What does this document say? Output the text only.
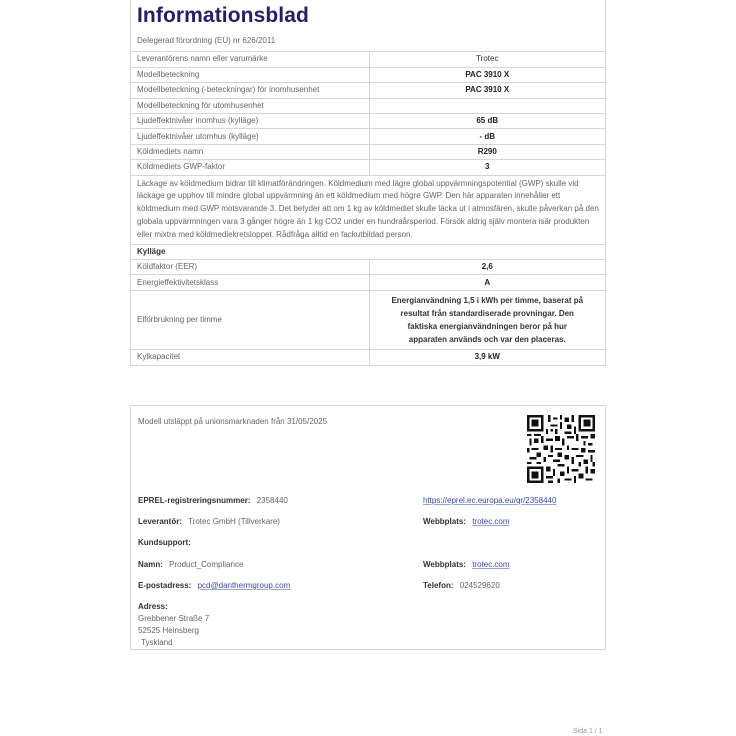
Informationsblad
Delegerad förordning (EU) nr 626/2011
Leverantörens namn eller varumärke	Trotec
Modellbeteckning	PAC 3910 X
Modellbeteckning (-beteckningar) för inomhusenhet	PAC 3910 X
Modellbeteckning för utomhusenhet	
Ljudeffektnivåer inomhus (kylläge)	65 dB
Ljudeffektnivåer utomhus (kylläge)	- dB
Köldmediets namn	R290
Köldmediets GWP-faktor	3
Läckage av köldmedium bidrar till klimatförändringen. Köldmedium med lägre global uppvärmningspotential (GWP) skulle vid läckage ge upphov till mindre global uppvärmning än ett köldmedium med högre GWP. Den här apparaten innehåller ett köldmedium med GWP motsvarande 3. Det betyder att om 1 kg av köldmediet skulle läcka ut i atmosfären, skulle påverkan på den globala uppvärmningen vara 3 gånger högre än 1 kg CO2 under en hundraårsperiod. Försök aldrig själv montera isär produkten eller mixtra med köldmediekretsloppet. Rådfråga alltid en fackutbildad person.	
Kylläge	
Köldfaktor (EER)	2,6
Energieffektivitetsklass	A
Elförbrukning per timme	Energianvändning 1,5 i kWh per timme, baserat på resultat från standardiserade provningar. Den faktiska energianvändningen beror på hur apparaten används och var den placeras.
Kylkapacitet	3,9 kW
Modell utsläppt på unionsmarknaden från 31/05/2025
EPREL-registreringsnummer: 2358440	https://eprel.ec.europa.eu/qr/2358440
Leverantör: Trotec GmbH (Tillverkare)	Webbplats: trotec.com
Kundsupport:
Namn: Product_Compliance	Webbplats: trotec.com
E-postadress: pcd@danthermgroup.com	Telefon: 024529620
Adress:
Grebbener Straße 7
52525 Heinsberg
Tyskland
Sida 1 / 1
